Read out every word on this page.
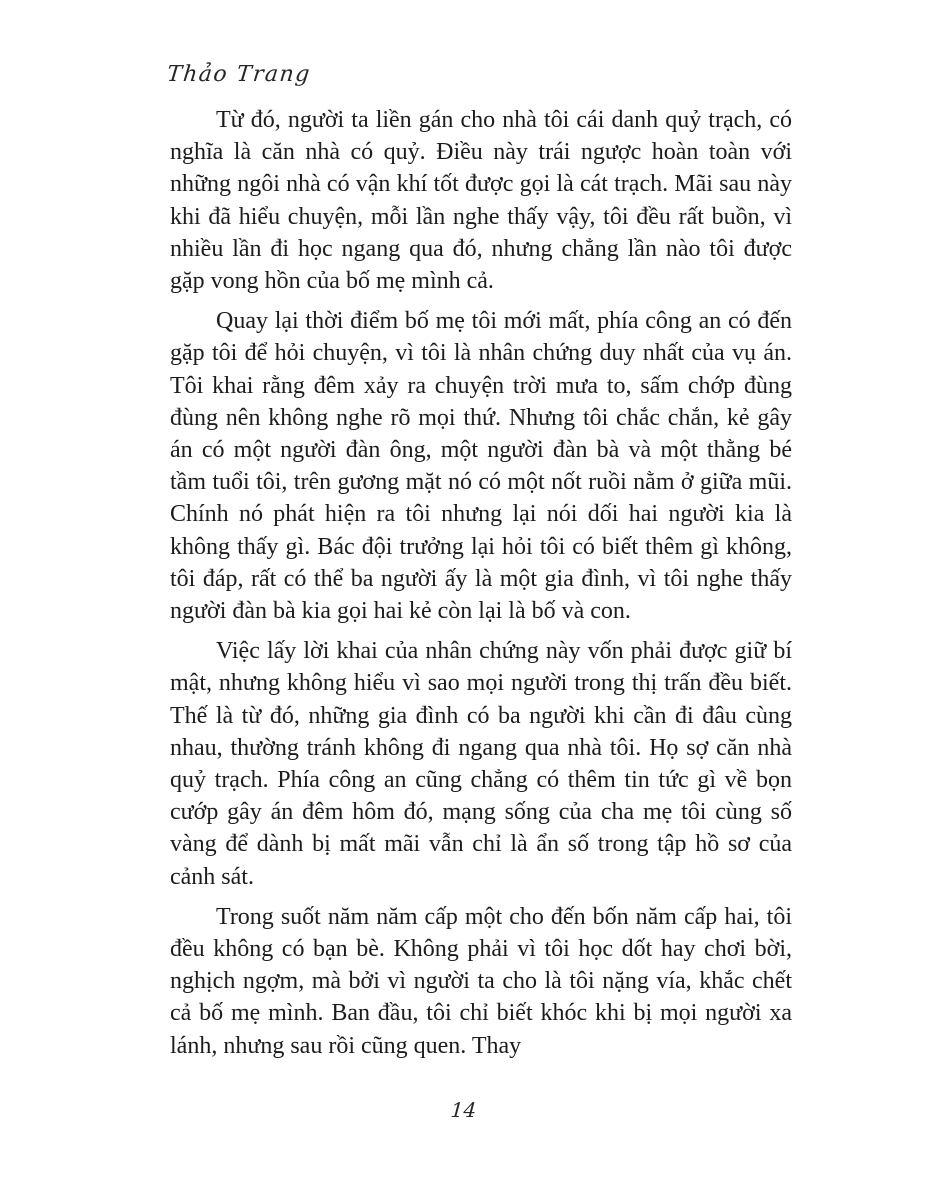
Thảo Trang

Từ đó, người ta liền gán cho nhà tôi cái danh quỷ trạch, có nghĩa là căn nhà có quỷ. Điều này trái ngược hoàn toàn với những ngôi nhà có vận khí tốt được gọi là cát trạch. Mãi sau này khi đã hiểu chuyện, mỗi lần nghe thấy vậy, tôi đều rất buồn, vì nhiều lần đi học ngang qua đó, nhưng chẳng lần nào tôi được gặp vong hồn của bố mẹ mình cả.

Quay lại thời điểm bố mẹ tôi mới mất, phía công an có đến gặp tôi để hỏi chuyện, vì tôi là nhân chứng duy nhất của vụ án. Tôi khai rằng đêm xảy ra chuyện trời mưa to, sấm chớp đùng đùng nên không nghe rõ mọi thứ. Nhưng tôi chắc chắn, kẻ gây án có một người đàn ông, một người đàn bà và một thằng bé tầm tuổi tôi, trên gương mặt nó có một nốt ruồi nằm ở giữa mũi. Chính nó phát hiện ra tôi nhưng lại nói dối hai người kia là không thấy gì. Bác đội trưởng lại hỏi tôi có biết thêm gì không, tôi đáp, rất có thể ba người ấy là một gia đình, vì tôi nghe thấy người đàn bà kia gọi hai kẻ còn lại là bố và con.

Việc lấy lời khai của nhân chứng này vốn phải được giữ bí mật, nhưng không hiểu vì sao mọi người trong thị trấn đều biết. Thế là từ đó, những gia đình có ba người khi cần đi đâu cùng nhau, thường tránh không đi ngang qua nhà tôi. Họ sợ căn nhà quỷ trạch. Phía công an cũng chẳng có thêm tin tức gì về bọn cướp gây án đêm hôm đó, mạng sống của cha mẹ tôi cùng số vàng để dành bị mất mãi vẫn chỉ là ẩn số trong tập hồ sơ của cảnh sát.

Trong suốt năm năm cấp một cho đến bốn năm cấp hai, tôi đều không có bạn bè. Không phải vì tôi học dốt hay chơi bời, nghịch ngợm, mà bởi vì người ta cho là tôi nặng vía, khắc chết cả bố mẹ mình. Ban đầu, tôi chỉ biết khóc khi bị mọi người xa lánh, nhưng sau rồi cũng quen. Thay

14
